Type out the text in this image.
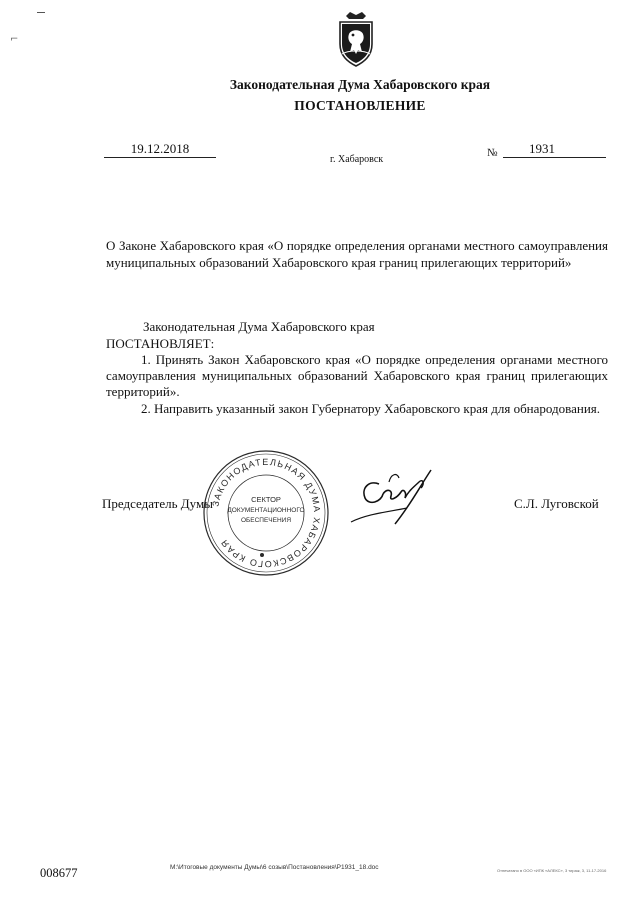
⌐
Законодательная Дума Хабаровского края
ПОСТАНОВЛЕНИЕ
19.12.2018
г. Хабаровск
№	1931
О Законе Хабаровского края «О порядке определения органами местного самоуправления муниципальных образований Хабаровского края границ прилегающих территорий»
Законодательная Дума Хабаровского края
ПОСТАНОВЛЯЕТ:
1. Принять Закон Хабаровского края «О порядке определения органами местного самоуправления муниципальных образований Хабаровского края границ прилегающих территорий».
2. Направить указанный закон Губернатору Хабаровского края для обнародования.
Председатель Думы	С.Л. Луговской
ЗАКОНОДАТЕЛЬНАЯ ДУМА ХАБАРОВСКОГО КРАЯ
СЕКТОР
ДОКУМЕНТАЦИОННОГО
ОБЕСПЕЧЕНИЯ
008677	M:\Итоговые документы Думы\6 созыв\Постановления\P1931_18.doc	Отпечатано в ООО «ИПК «АЛЕКС», 3 тираж, 3, 11-17-2016
